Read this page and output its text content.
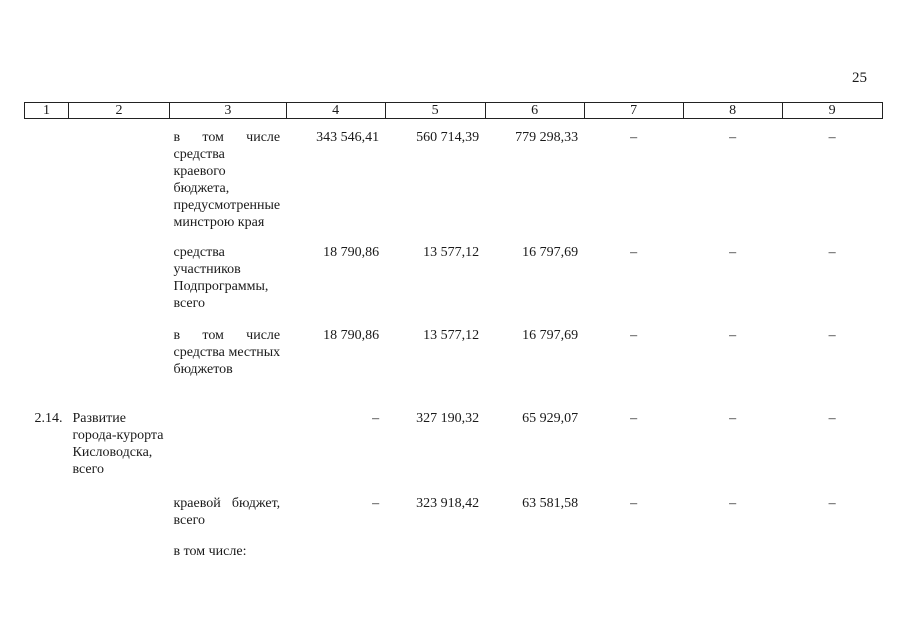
25
1	2	3	4	5	6	7	8	9
		в том числе средства краевого бюджета, предусмотренные минстрою края	343 546,41	560 714,39	779 298,33	–	–	–
		средства участников Подпрограммы, всего	18 790,86	13 577,12	16 797,69	–	–	–
		в том числе средства местных бюджетов	18 790,86	13 577,12	16 797,69	–	–	–
2.14.	Развитие города-курорта Кисловодска, всего		–	327 190,32	65 929,07	–	–	–
		краевой бюджет, всего	–	323 918,42	63 581,58	–	–	–
		в том числе:						
